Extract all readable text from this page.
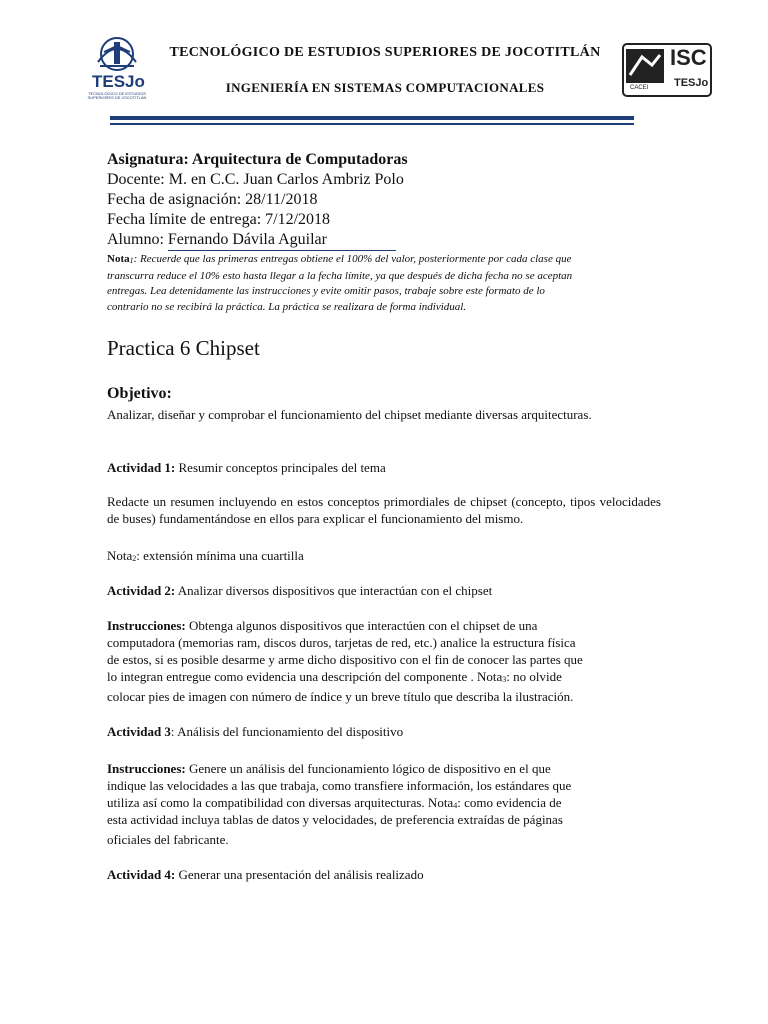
TESJo
TECNOLÓGICO DE ESTUDIOS SUPERIORES DE JOCOTITLÁN
TECNOLÓGICO DE ESTUDIOS SUPERIORES DE JOCOTITLÁN
INGENIERÍA EN SISTEMAS COMPUTACIONALES
ISC
TESJo
CACEI
Asignatura: Arquitectura de Computadoras
Docente: M. en C.C. Juan Carlos Ambriz Polo
Fecha de asignación: 28/11/2018
Fecha límite de entrega: 7/12/2018
Alumno: Fernando Dávila Aguilar
Nota$_1$: Recuerde que las primeras entregas obtiene el 100% del valor, posteriormente por cada clase que
transcurra reduce el 10% esto hasta llegar a la fecha límite, ya que después de dicha fecha no se aceptan
entregas. Lea detenidamente las instrucciones y evite omitir pasos, trabaje sobre este formato de lo
contrario no se recibirá la práctica. La práctica se realizara de forma individual.
Practica 6 Chipset
Objetivo:
Analizar, diseñar y comprobar el funcionamiento del chipset mediante diversas arquitecturas.
Actividad 1: Resumir conceptos principales del tema
Redacte un resumen incluyendo en estos conceptos primordiales de chipset (concepto, tipos velocidades de buses) fundamentándose en ellos para explicar el funcionamiento del mismo.
Nota$_2$: extensión mínima una cuartilla
Actividad 2: Analizar diversos dispositivos que interactúan con el chipset
Instrucciones: Obtenga algunos dispositivos que interactúen con el chipset de una
computadora (memorias ram, discos duros, tarjetas de red, etc.) analice la estructura física
de estos, si es posible desarme y arme dicho dispositivo con el fin de conocer las partes que
lo integran entregue como evidencia una descripción del componente . Nota$_3$: no olvide
colocar pies de imagen con número de índice y un breve título que describa la ilustración.
Actividad 3: Análisis del funcionamiento del dispositivo
Instrucciones: Genere un análisis del funcionamiento lógico de dispositivo en el que
indique las velocidades a las que trabaja, como transfiere información, los estándares que
utiliza así como la compatibilidad con diversas arquitecturas. Nota$_4$: como evidencia de
esta actividad incluya tablas de datos y velocidades, de preferencia extraídas de páginas
oficiales del fabricante.
Actividad 4: Generar una presentación del análisis realizado
